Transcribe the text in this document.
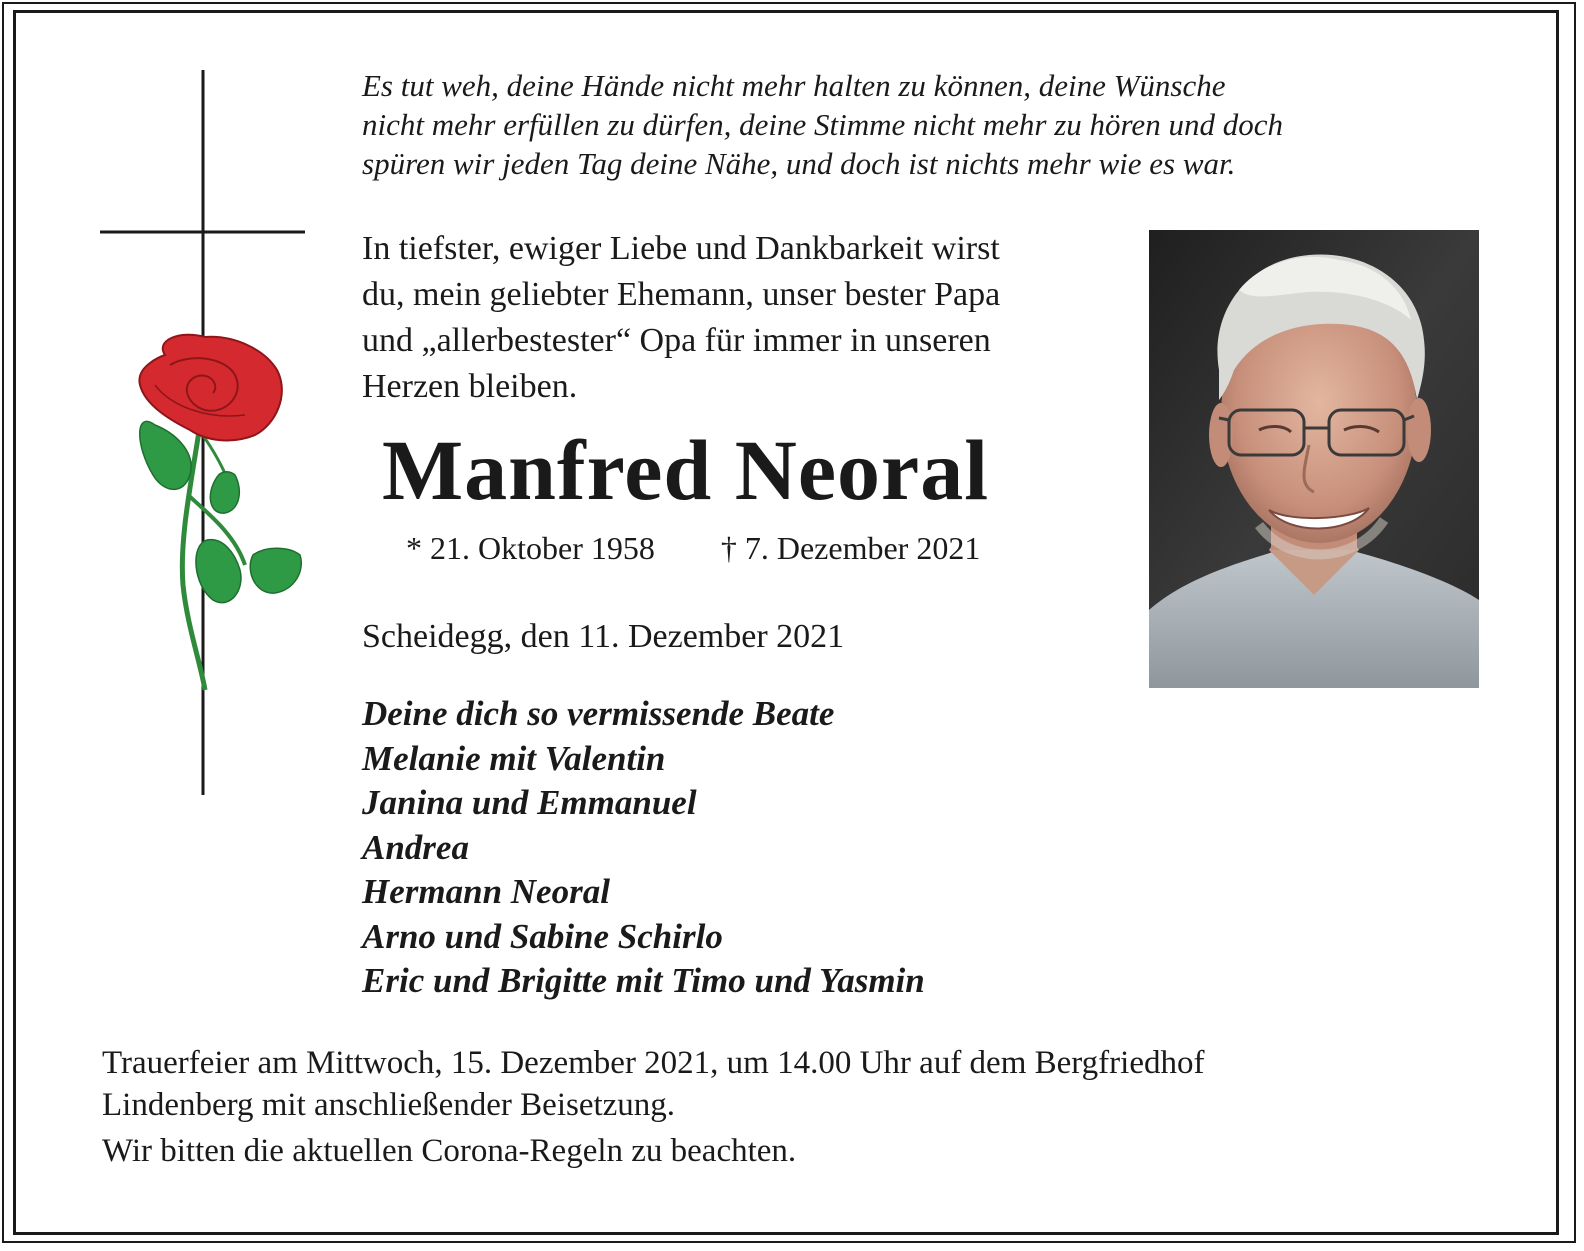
Es tut weh, deine Hände nicht mehr halten zu können, deine Wünsche
nicht mehr erfüllen zu dürfen, deine Stimme nicht mehr zu hören und doch
spüren wir jeden Tag deine Nähe, und doch ist nichts mehr wie es war.
In tiefster, ewiger Liebe und Dankbarkeit wirst
du, mein geliebter Ehemann, unser bester Papa
und „allerbestester“ Opa für immer in unseren
Herzen bleiben.
Manfred Neoral
* 21. Oktober 1958 † 7. Dezember 2021
Scheidegg, den 11. Dezember 2021
Deine dich so vermissende Beate
Melanie mit Valentin
Janina und Emmanuel
Andrea
Hermann Neoral
Arno und Sabine Schirlo
Eric und Brigitte mit Timo und Yasmin
Trauerfeier am Mittwoch, 15. Dezember 2021, um 14.00 Uhr auf dem Bergfriedhof
Lindenberg mit anschließender Beisetzung.
Wir bitten die aktuellen Corona-Regeln zu beachten.
